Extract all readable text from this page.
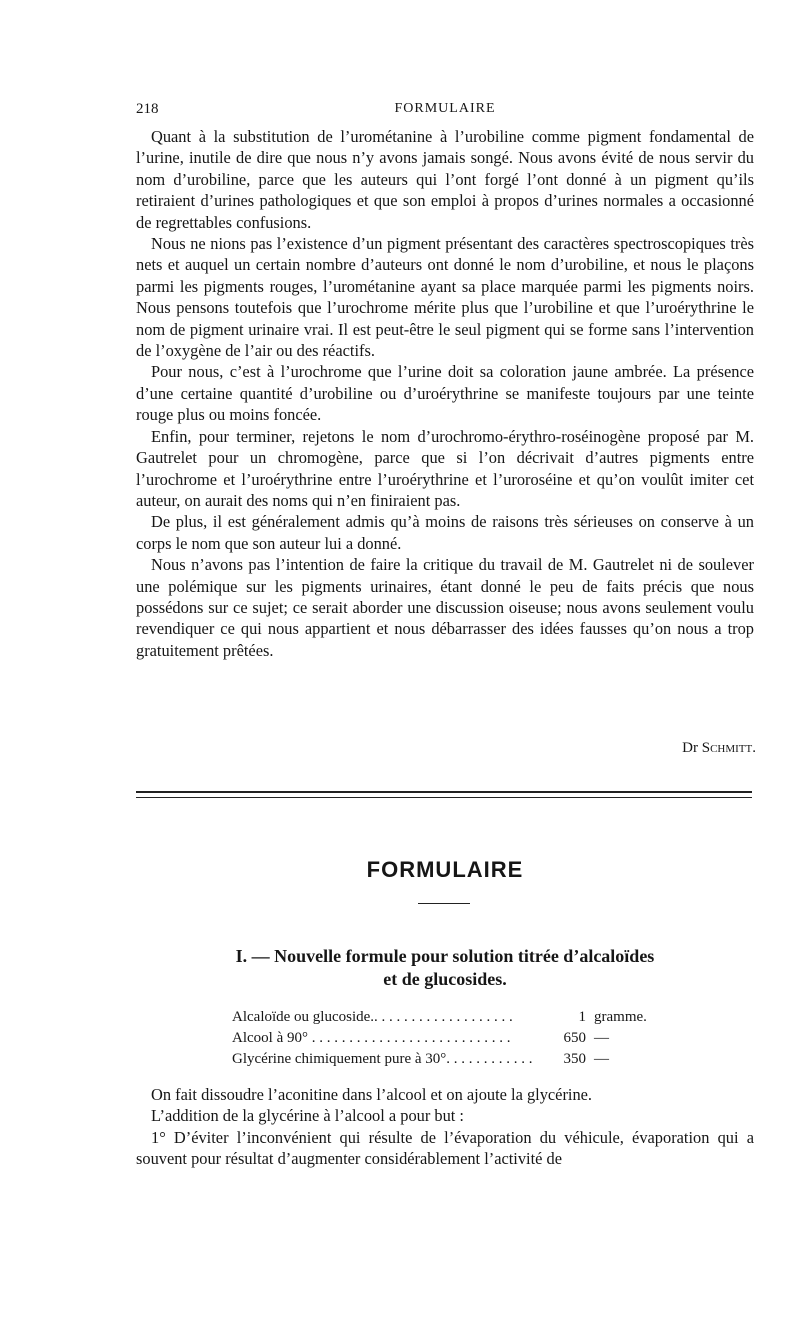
218	FORMULAIRE

Quant à la substitution de l’urométanine à l’urobiline comme pigment fondamental de l’urine, inutile de dire que nous n’y avons jamais songé. Nous avons évité de nous servir du nom d’urobiline, parce que les auteurs qui l’ont forgé l’ont donné à un pigment qu’ils retiraient d’urines pathologiques et que son emploi à propos d’urines normales a occasionné de regrettables confusions.

Nous ne nions pas l’existence d’un pigment présentant des caractères spectroscopiques très nets et auquel un certain nombre d’auteurs ont donné le nom d’urobiline, et nous le plaçons parmi les pigments rouges, l’urométanine ayant sa place marquée parmi les pigments noirs. Nous pensons toutefois que l’urochrome mérite plus que l’urobiline et que l’uroérythrine le nom de pigment urinaire vrai. Il est peut-être le seul pigment qui se forme sans l’intervention de l’oxygène de l’air ou des réactifs.

Pour nous, c’est à l’urochrome que l’urine doit sa coloration jaune ambrée. La présence d’une certaine quantité d’urobiline ou d’uroérythrine se manifeste toujours par une teinte rouge plus ou moins foncée.

Enfin, pour terminer, rejetons le nom d’urochromo-érythro-roséinogène proposé par M. Gautrelet pour un chromogène, parce que si l’on décrivait d’autres pigments entre l’urochrome et l’uroérythrine entre l’uroérythrine et l’uroroséine et qu’on voulût imiter cet auteur, on aurait des noms qui n’en finiraient pas.

De plus, il est généralement admis qu’à moins de raisons très sérieuses on conserve à un corps le nom que son auteur lui a donné.

Nous n’avons pas l’intention de faire la critique du travail de M. Gautrelet ni de soulever une polémique sur les pigments urinaires, étant donné le peu de faits précis que nous possédons sur ce sujet; ce serait aborder une discussion oiseuse; nous avons seulement voulu revendiquer ce qui nous appartient et nous débarrasser des idées fausses qu’on nous a trop gratuitement prêtées.

Dr Schmitt.
FORMULAIRE
I. — Nouvelle formule pour solution titrée d’alcaloïdes
et de glucosides.
Alcaloïde ou glucoside.. . . . . . . . . . . . . . . . . . .	1 gramme.
Alcool à 90° . . . . . . . . . . . . . . . . . . . . . . . . . . .	650 —
Glycérine chimiquement pure à 30°. . . . . . . . . . . .	350 —

On fait dissoudre l’aconitine dans l’alcool et on ajoute la glycérine.

L’addition de la glycérine à l’alcool a pour but :

1° D’éviter l’inconvénient qui résulte de l’évaporation du véhicule, évaporation qui a souvent pour résultat d’augmenter considérablement l’activité de
